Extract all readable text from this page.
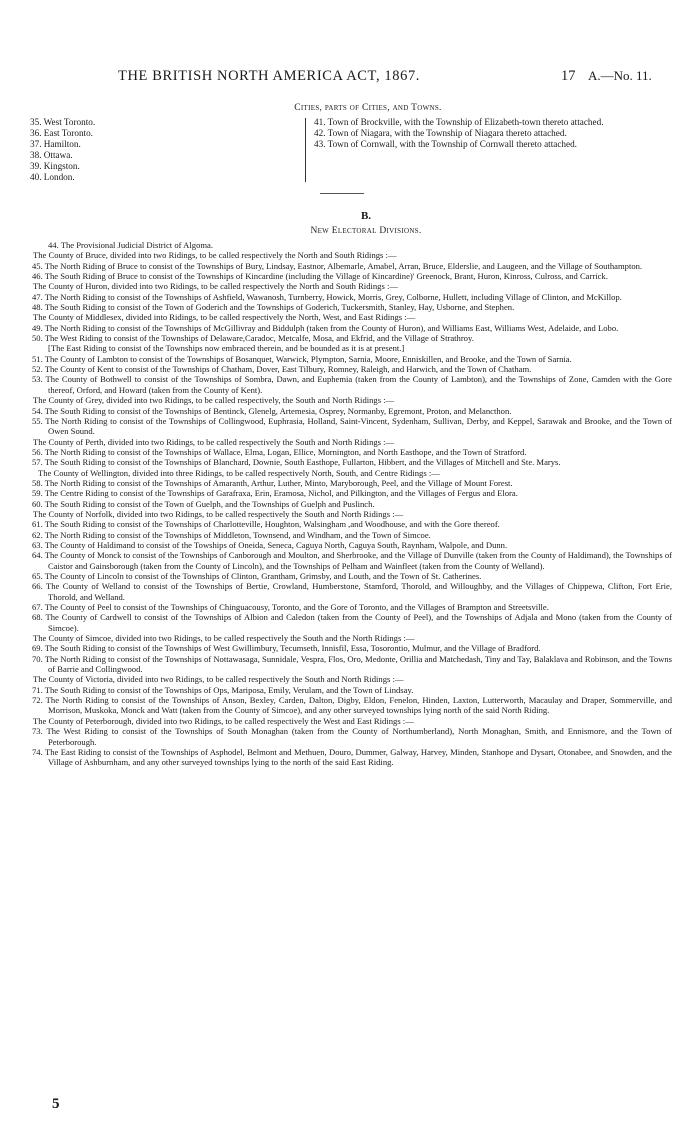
THE BRITISH NORTH AMERICA ACT, 1867.	17 A.—No. 11.
Cities, parts of Cities, and Towns.
35. West Toronto.
36. East Toronto.
37. Hamilton.
38. Ottawa.
39. Kingston.
40. London.
41. Town of Brockville, with the Township of Elizabeth-town thereto attached.
42. Town of Niagara, with the Township of Niagara thereto attached.
43. Town of Cornwall, with the Township of Cornwall thereto attached.
B.
New Electoral Divisions.

44. The Provisional Judicial District of Algoma.

The County of Bruce, divided into two Ridings, to be called respectively the North and South Ridings :—

45. The North Riding of Bruce to consist of the Townships of Bury, Lindsay, Eastnor, Albemarle, Amabel, Arran, Bruce, Elderslie, and Laugeen, and the Village of Southampton.

46. The South Riding of Bruce to consist of the Townships of Kincardine (including the Village of Kincardine)' Greenock, Brant, Huron, Kinross, Culross, and Carrick.

The County of Huron, divided into two Ridings, to be called respectively the North and South Ridings :—

47. The North Riding to consist of the Townships of Ashfield, Wawanosh, Turnberry, Howick, Morris, Grey, Colborne, Hullett, including Village of Clinton, and McKillop.

48. The South Riding to consist of the Town of Goderich and the Townships of Goderich, Tuckersmith, Stanley, Hay, Usborne, and Stephen.

The County of Middlesex, divided into Ridings, to be called respectively the North, West, and East Ridings :—

49. The North Riding to consist of the Townships of McGillivray and Biddulph (taken from the County of Huron), and Williams East, Williams West, Adelaide, and Lobo.

50. The West Riding to consist of the Townships of Delaware,Caradoc, Metcalfe, Mosa, and Ekfrid, and the Village of Strathroy.

[The East Riding to consist of the Townships now embraced therein, and be bounded as it is at present.]

51. The County of Lambton to consist of the Townships of Bosanquet, Warwick, Plympton, Sarnia, Moore, Enniskillen, and Brooke, and the Town of Sarnia.

52. The County of Kent to consist of the Townships of Chatham, Dover, East Tilbury, Romney, Raleigh, and Harwich, and the Town of Chatham.

53. The County of Bothwell to consist of the Townships of Sombra, Dawn, and Euphemia (taken from the County of Lambton), and the Townships of Zone, Camden with the Gore thereof, Orford, and Howard (taken from the County of Kent).

The County of Grey, divided into two Ridings, to be called respectively, the South and North Ridings :—

54. The South Riding to consist of the Townships of Bentinck, Glenelg, Artemesia, Osprey, Normanby, Egremont, Proton, and Melancthon.

55. The North Riding to consist of the Townships of Collingwood, Euphrasia, Holland, Saint-Vincent, Sydenham, Sullivan, Derby, and Keppel, Sarawak and Brooke, and the Town of Owen Sound.

The County of Perth, divided into two Ridings, to be called respectively the South and North Ridings :—

56. The North Riding to consist of the Townships of Wallace, Elma, Logan, Ellice, Mornington, and North Easthope, and the Town of Stratford.

57. The South Riding to consist of the Townships of Blanchard, Downie, South Easthope, Fullarton, Hibbert, and the Villages of Mitchell and Ste. Marys.

The County of Wellington, divided into three Ridings, to be called respectively North, South, and Centre Ridings :—

58. The North Riding to consist of the Townships of Amaranth, Arthur, Luther, Minto, Maryborough, Peel, and the Village of Mount Forest.

59. The Centre Riding to consist of the Townships of Garafraxa, Erin, Eramosa, Nichol, and Pilkington, and the Villages of Fergus and Elora.

60. The South Riding to consist of the Town of Guelph, and the Townships of Guelph and Puslinch.

The County of Norfolk, divided into two Ridings, to be called respectively the South and North Ridings :—

61. The South Riding to consist of the Townships of Charlotteville, Houghton, Walsingham ,and Woodhouse, and with the Gore thereof.

62. The North Riding to consist of the Townships of Middleton, Townsend, and Windham, and the Town of Simcoe.

63. The County of Haldimand to consist of the Towships of Oneida, Seneca, Caguya North, Caguya South, Raynham, Walpole, and Dunn.

64. The County of Monck to consist of the Townships of Canborough and Moulton, and Sherbrooke, and the Village of Dunville (taken from the County of Haldimand), the Townships of Caistor and Gainsborough (taken from the County of Lincoln), and the Townships of Pelham and Wainfleet (taken from the County of Welland).

65. The County of Lincoln to consist of the Townships of Clinton, Grantham, Grimsby, and Louth, and the Town of St. Catherines.

66. The County of Welland to consist of the Townships of Bertie, Crowland, Humberstone, Stamford, Thorold, and Willoughby, and the Villages of Chippewa, Clifton, Fort Erie, Thorold, and Welland.

67. The County of Peel to consist of the Townships of Chinguacousy, Toronto, and the Gore of Toronto, and the Villages of Brampton and Streetsville.

68. The County of Cardwell to consist of the Townships of Albion and Caledon (taken from the County of Peel), and the Townships of Adjala and Mono (taken from the County of Simcoe).

The County of Simcoe, divided into two Ridings, to be called respectively the South and the North Ridings :—

69. The South Riding to consist of the Townships of West Gwillimbury, Tecumseth, Innisfil, Essa, Tosorontio, Mulmur, and the Village of Bradford.

70. The North Riding to consist of the Townships of Nottawasaga, Sunnidale, Vespra, Flos, Oro, Medonte, Orillia and Matchedash, Tiny and Tay, Balaklava and Robinson, and the Towns of Barrie and Collingwood.

The County of Victoria, divided into two Ridings, to be called respectively the South and North Ridings :—

71. The South Riding to consist of the Townships of Ops, Mariposa, Emily, Verulam, and the Town of Lindsay.

72. The North Riding to consist of the Townships of Anson, Bexley, Carden, Dalton, Digby, Eldon, Fenelon, Hinden, Laxton, Lutterworth, Macaulay and Draper, Sommerville, and Morrison, Muskoka, Monck and Watt (taken from the County of Simcoe), and any other surveyed townships lying north of the said North Riding.

The County of Peterborough, divided into two Ridings, to be called respectively the West and East Ridings :—

73. The West Riding to consist of the Townships of South Monaghan (taken from the County of Northumberland), North Monaghan, Smith, and Ennismore, and the Town of Peterborough.

74. The East Riding to consist of the Townships of Asphodel, Belmont and Methuen, Douro, Dummer, Galway, Harvey, Minden, Stanhope and Dysart, Otonabee, and Snowden, and the Village of Ashburnham, and any other surveyed townships lying to the north of the said East Riding.

5
